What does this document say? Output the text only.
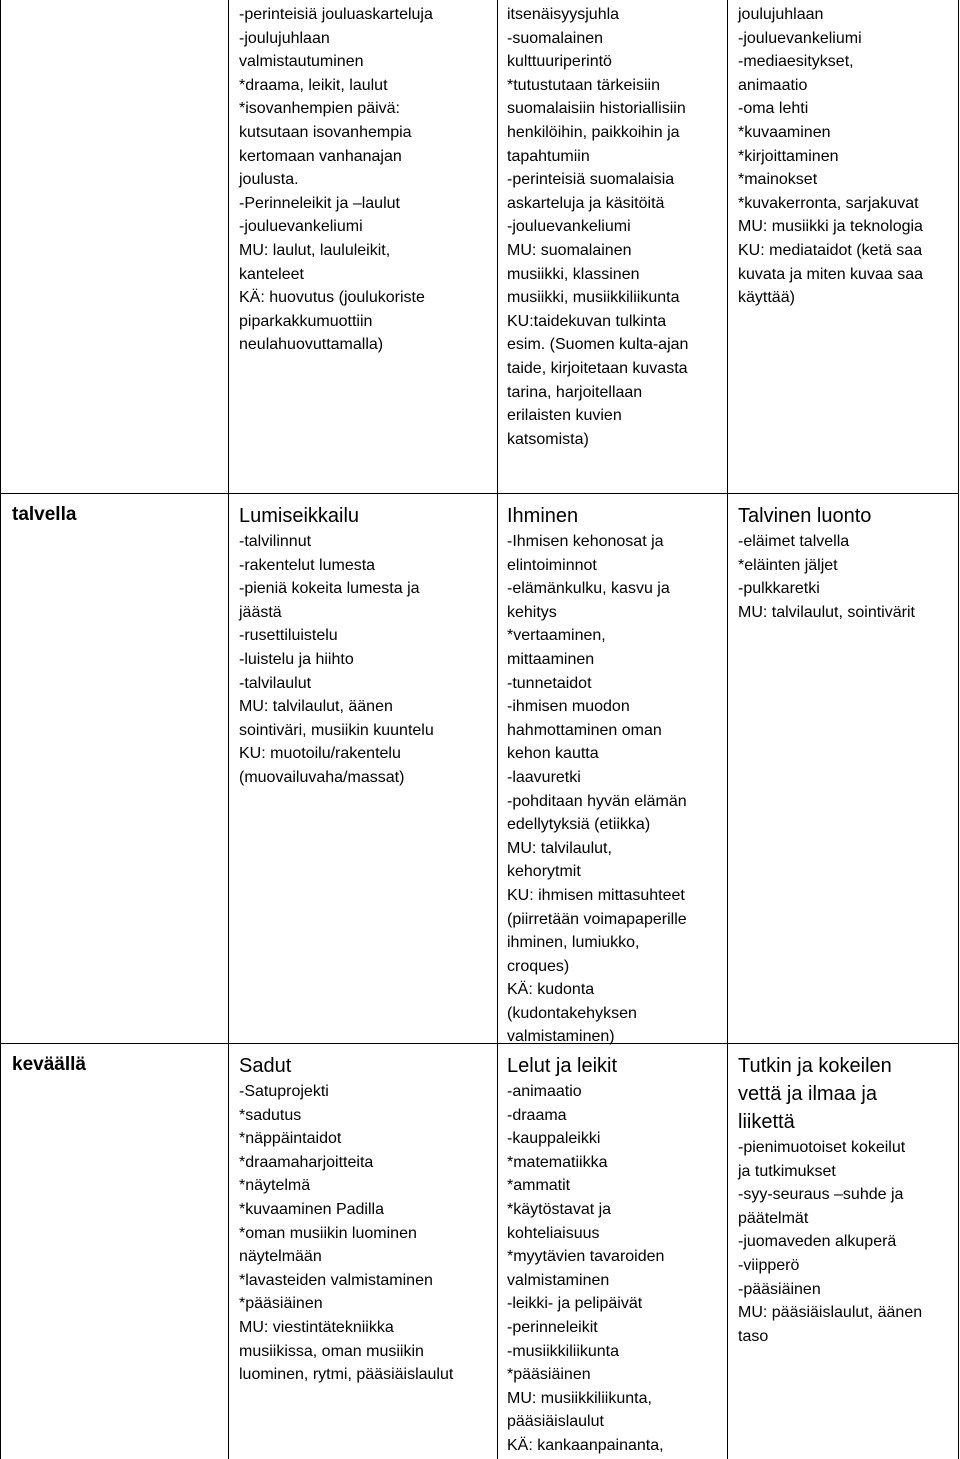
-perinteisiä jouluaskarteluja
-joulujuhlaan
valmistautuminen
*draama, leikit, laulut
*isovanhempien päivä:
kutsutaan isovanhempia
kertomaan vanhanajan
joulusta.
-Perinneleikit ja –laulut
-jouluevankeliumi
MU: laulut, laululeikit,
kanteleet
KÄ: huovutus (joulukoriste
piparkakkumuottiin
neulahuovuttamalla)
itsenäisyysjuhla
-suomalainen
kulttuuriperintö
*tutustutaan tärkeisiin
suomalaisiin historiallisiin
henkilöihin, paikkoihin ja
tapahtumiin
-perinteisiä suomalaisia
askarteluja ja käsitöitä
-jouluevankeliumi
MU: suomalainen
musiikki, klassinen
musiikki, musiikkiliikunta
KU:taidekuvan tulkinta
esim. (Suomen kulta-ajan
taide, kirjoitetaan kuvasta
tarina, harjoitellaan
erilaisten kuvien
katsomista)
joulujuhlaan
-jouluevankeliumi
-mediaesitykset,
animaatio
-oma lehti
*kuvaaminen
*kirjoittaminen
*mainokset
*kuvakerronta, sarjakuvat
MU: musiikki ja teknologia
KU: mediataidot (ketä saa
kuvata ja miten kuvaa saa
käyttää)
talvella	Lumiseikkailu
-talvilinnut
-rakentelut lumesta
-pieniä kokeita lumesta ja
jäästä
-rusettiluistelu
-luistelu ja hiihto
-talvilaulut
MU: talvilaulut, äänen
sointiväri, musiikin kuuntelu
KU: muotoilu/rakentelu
(muovailuvaha/massat)
Ihminen
-Ihmisen kehonosat ja
elintoiminnot
-elämänkulku, kasvu ja
kehitys
*vertaaminen,
mittaaminen
-tunnetaidot
-ihmisen muodon
hahmottaminen oman
kehon kautta
-laavuretki
-pohditaan hyvän elämän
edellytyksiä (etiikka)
MU: talvilaulut,
kehorytmit
KU: ihmisen mittasuhteet
(piirretään voimapaperille
ihminen, lumiukko,
croques)
KÄ: kudonta
(kudontakehyksen
valmistaminen)
Talvinen luonto
-eläimet talvella
*eläinten jäljet
-pulkkaretki
MU: talvilaulut, sointivärit
keväällä	Sadut
-Satuprojekti
*sadutus
*näppäintaidot
*draamaharjoitteita
*näytelmä
*kuvaaminen Padilla
*oman musiikin luominen
näytelmään
*lavasteiden valmistaminen
*pääsiäinen
MU: viestintätekniikka
musiikissa, oman musiikin
luominen, rytmi, pääsiäislaulut
Lelut ja leikit
-animaatio
-draama
-kauppaleikki
*matematiikka
*ammatit
*käytöstavat ja
kohteliaisuus
*myytävien tavaroiden
valmistaminen
-leikki- ja pelipäivät
-perinneleikit
-musiikkiliikunta
*pääsiäinen
MU: musiikkiliikunta,
pääsiäislaulut
KÄ: kankaanpainanta,
Tutkin ja kokeilen
vettä ja ilmaa ja
liikettä
-pienimuotoiset kokeilut
ja tutkimukset
-syy-seuraus –suhde ja
päätelmät
-juomaveden alkuperä
-viipperö
-pääsiäinen
MU: pääsiäislaulut, äänen
taso
